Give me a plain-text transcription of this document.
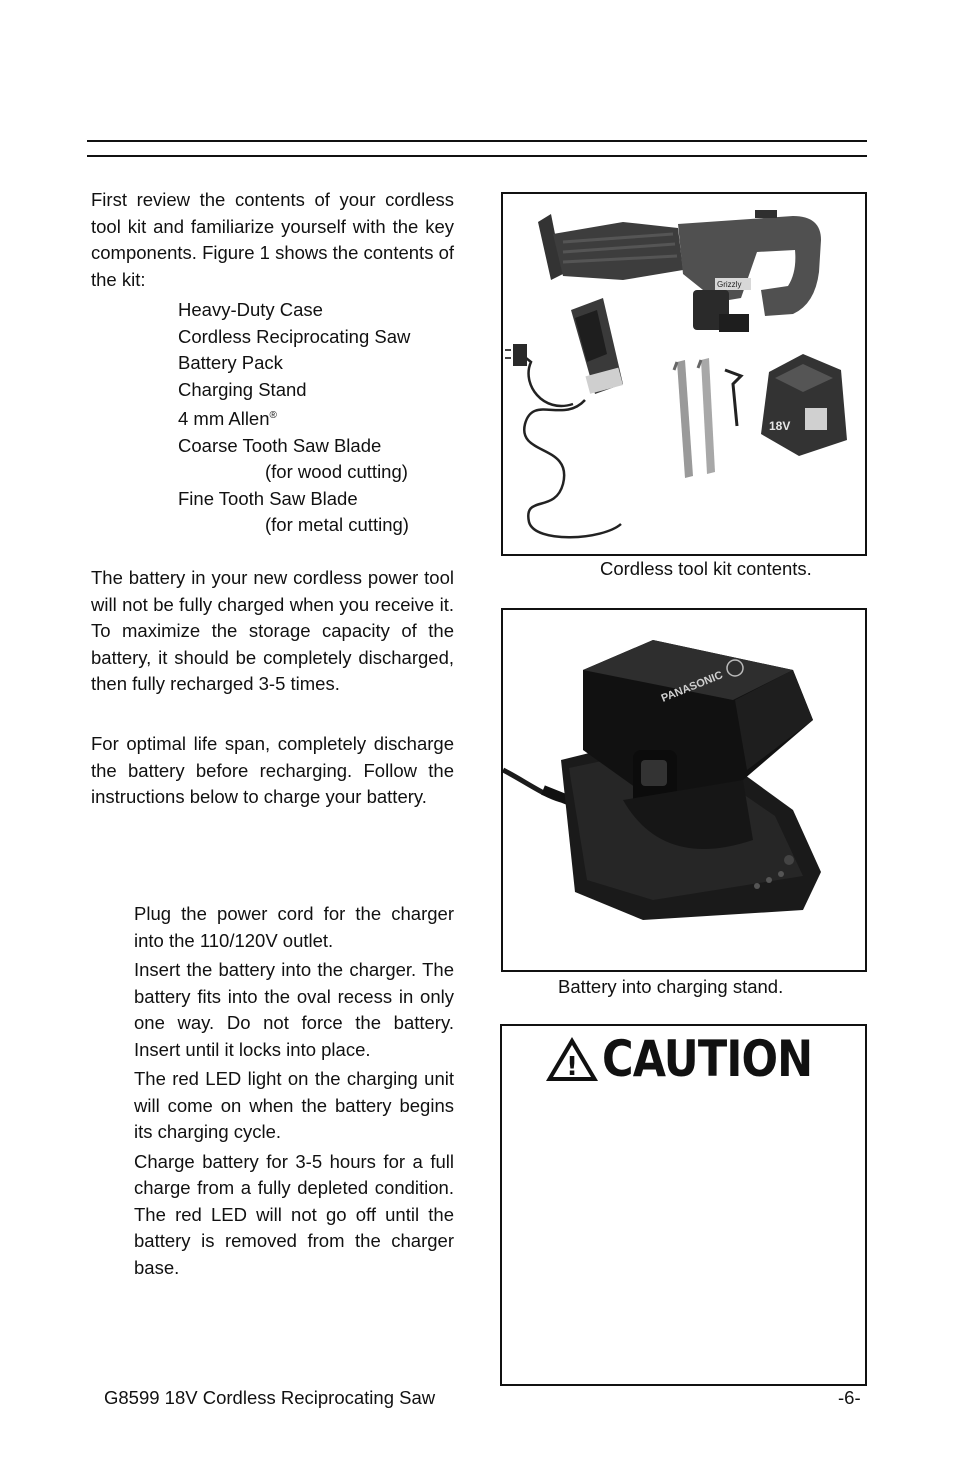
First review the contents of your cordless tool kit and familiarize yourself with the key components. Figure 1 shows the contents of the kit:

Heavy-Duty Case
Cordless Reciprocating Saw
Battery Pack
Charging Stand
4 mm Allen®
Coarse Tooth Saw Blade
(for wood cutting)
Fine Tooth Saw Blade
(for metal cutting)

The battery in your new cordless power tool will not be fully charged when you receive it. To maximize the storage capacity of the battery, it should be completely discharged, then fully recharged 3-5 times.

For optimal life span, completely discharge the battery before recharging. Follow the instructions below to charge your battery.

Plug the power cord for the charger into the 110/120V outlet.
Insert the battery into the charger. The battery fits into the oval recess in only one way. Do not force the battery. Insert until it locks into place.
The red LED light on the charging unit will come on when the battery begins its charging cycle.
Charge battery for 3-5 hours for a full charge from a fully depleted condition. The red LED will not go off until the battery is removed from the charger base.
Grizzly
18V
Cordless tool kit contents.
PANASONIC
Battery into charging stand.
! CAUTION
G8599 18V Cordless Reciprocating Saw	-6-
